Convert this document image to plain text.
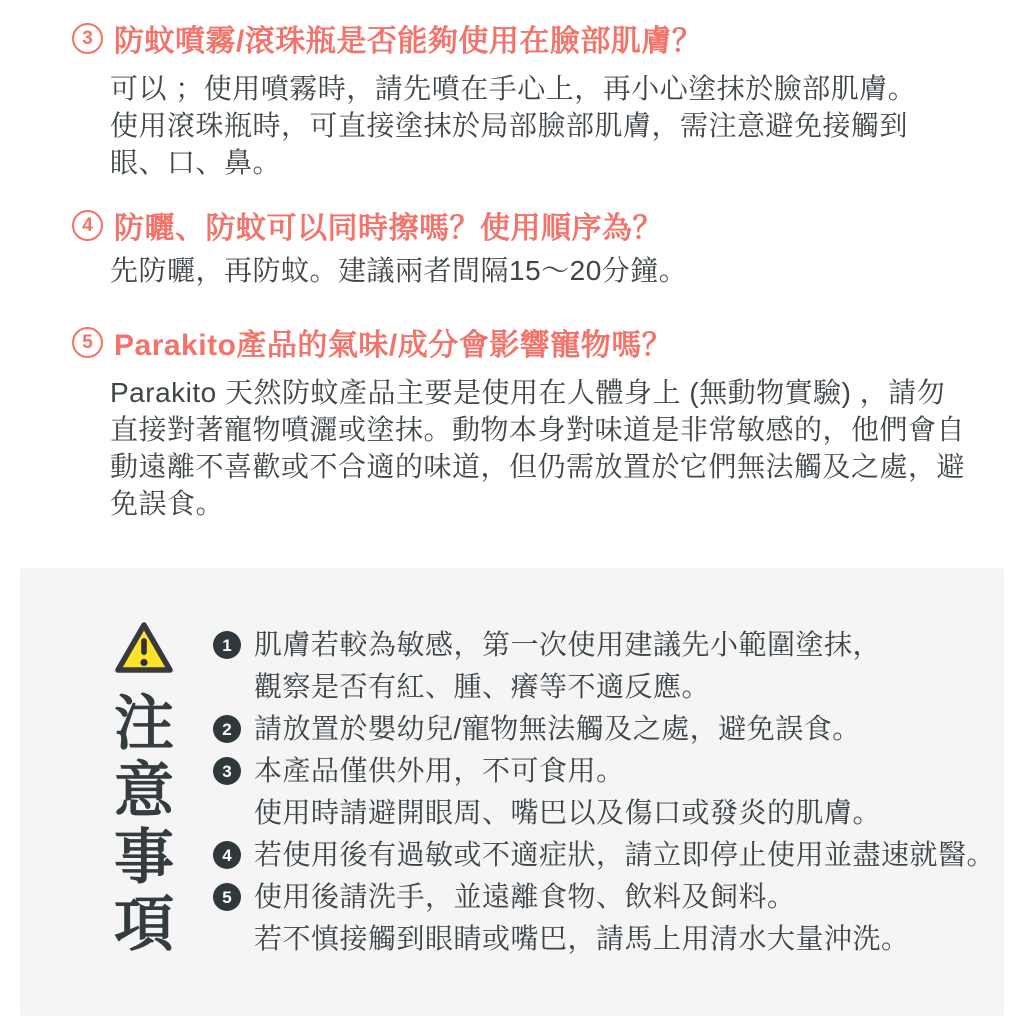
3 防蚊噴霧/滾珠瓶是否能夠使用在臉部肌膚？
可以 ；使用噴霧時，請先噴在手心上，再小心塗抹於臉部肌膚。
使用滾珠瓶時，可直接塗抹於局部臉部肌膚，需注意避免接觸到
眼、口、鼻。
4 防曬、防蚊可以同時擦嗎？使用順序為？
先防曬，再防蚊。建議兩者間隔15～20分鐘。
5 Parakito產品的氣味/成分會影響寵物嗎？
Parakito 天然防蚊產品主要是使用在人體身上 (無動物實驗) ，請勿
直接對著寵物噴灑或塗抹。動物本身對味道是非常敏感的，他們會自
動遠離不喜歡或不合適的味道，但仍需放置於它們無法觸及之處，避
免誤食。
注
意
事
項
1 肌膚若較為敏感，第一次使用建議先小範圍塗抹，
觀察是否有紅、腫、癢等不適反應。
2 請放置於嬰幼兒/寵物無法觸及之處，避免誤食。
3 本產品僅供外用，不可食用。
使用時請避開眼周、嘴巴以及傷口或發炎的肌膚。
4 若使用後有過敏或不適症狀，請立即停止使用並盡速就醫。
5 使用後請洗手，並遠離食物、飲料及飼料。
若不慎接觸到眼睛或嘴巴，請馬上用清水大量沖洗。
